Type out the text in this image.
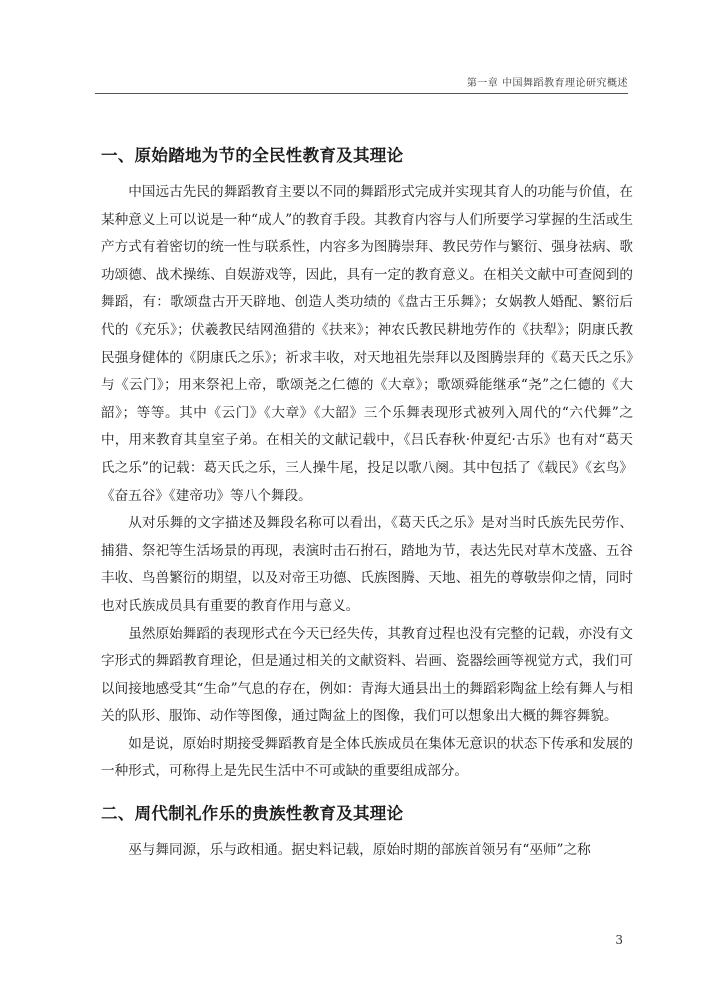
第一章 中国舞蹈教育理论研究概述
一、原始踏地为节的全民性教育及其理论

中国远古先民的舞蹈教育主要以不同的舞蹈形式完成并实现其育人的功能与价值，在某种意义上可以说是一种“成人”的教育手段。其教育内容与人们所要学习掌握的生活或生产方式有着密切的统一性与联系性，内容多为图腾崇拜、教民劳作与繁衍、强身祛病、歌功颂德、战术操练、自娱游戏等，因此，具有一定的教育意义。在相关文献中可查阅到的舞蹈，有：歌颂盘古开天辟地、创造人类功绩的《盘古王乐舞》；女娲教人婚配、繁衍后代的《充乐》；伏羲教民结网渔猎的《扶来》；神农氏教民耕地劳作的《扶犁》；阴康氏教民强身健体的《阴康氏之乐》；祈求丰收，对天地祖先崇拜以及图腾崇拜的《葛天氏之乐》与《云门》；用来祭祀上帝，歌颂尧之仁德的《大章》；歌颂舜能继承“尧”之仁德的《大韶》；等等。其中《云门》《大章》《大韶》三个乐舞表现形式被列入周代的“六代舞”之中，用来教育其皇室子弟。在相关的文献记载中，《吕氏春秋·仲夏纪·古乐》也有对“葛天氏之乐”的记载：葛天氏之乐，三人操牛尾，投足以歌八阕。其中包括了《载民》《玄鸟》《奋五谷》《建帝功》等八个舞段。

从对乐舞的文字描述及舞段名称可以看出，《葛天氏之乐》是对当时氏族先民劳作、捕猎、祭祀等生活场景的再现，表演时击石拊石，踏地为节，表达先民对草木茂盛、五谷丰收、鸟兽繁衍的期望，以及对帝王功德、氏族图腾、天地、祖先的尊敬崇仰之情，同时也对氏族成员具有重要的教育作用与意义。

虽然原始舞蹈的表现形式在今天已经失传，其教育过程也没有完整的记载，亦没有文字形式的舞蹈教育理论，但是通过相关的文献资料、岩画、瓷器绘画等视觉方式，我们可以间接地感受其“生命”气息的存在，例如：青海大通县出土的舞蹈彩陶盆上绘有舞人与相关的队形、服饰、动作等图像，通过陶盆上的图像，我们可以想象出大概的舞容舞貌。

如是说，原始时期接受舞蹈教育是全体氏族成员在集体无意识的状态下传承和发展的一种形式，可称得上是先民生活中不可或缺的重要组成部分。

二、周代制礼作乐的贵族性教育及其理论

巫与舞同源，乐与政相通。据史料记载，原始时期的部族首领另有“巫师”之称

3
